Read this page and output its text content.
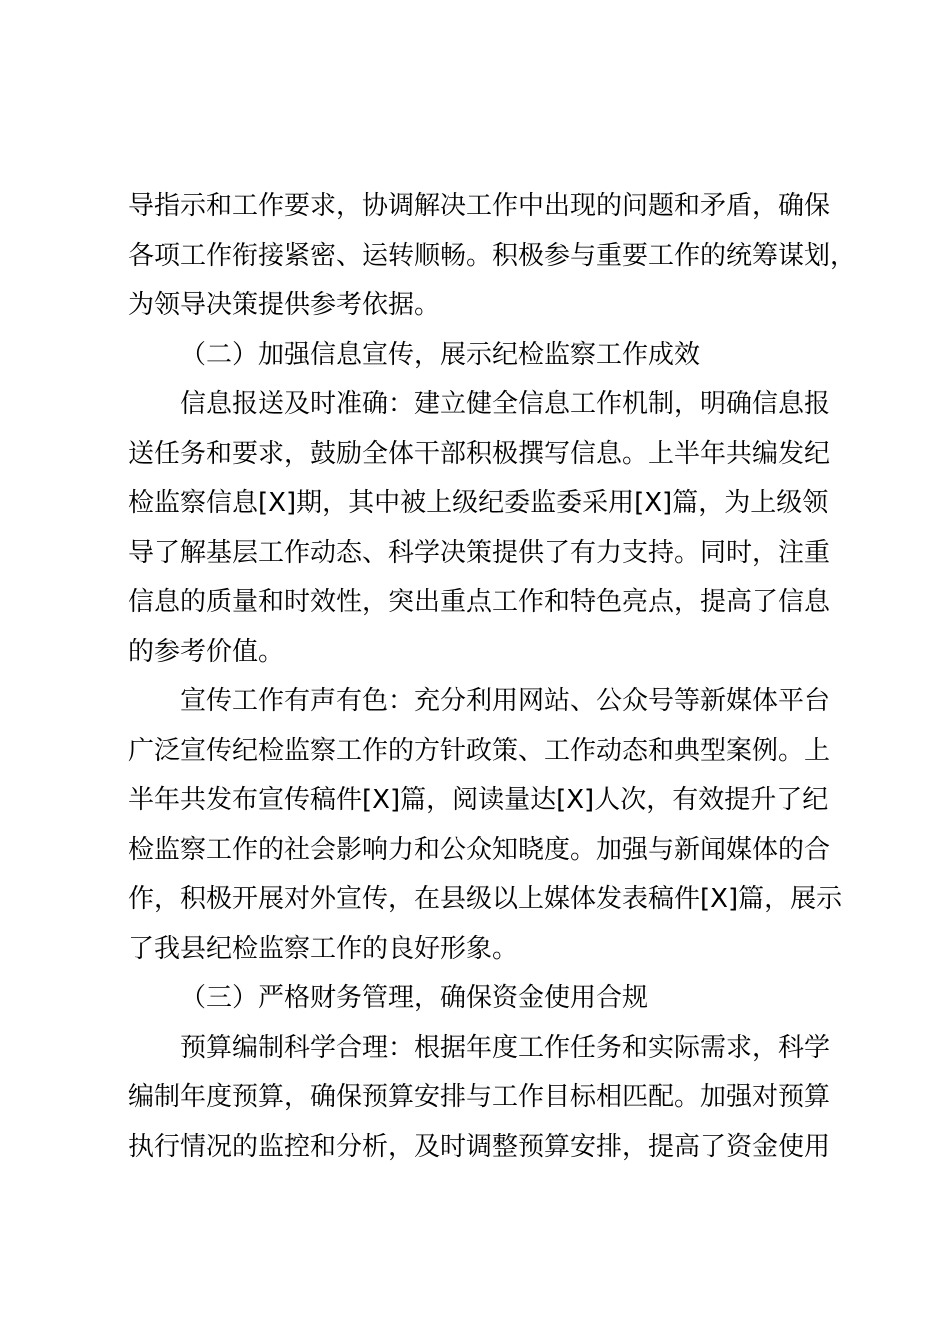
导指示和工作要求，协调解决工作中出现的问题和矛盾，确保
各项工作衔接紧密、运转顺畅。积极参与重要工作的统筹谋划，
为领导决策提供参考依据。
（二）加强信息宣传，展示纪检监察工作成效
信息报送及时准确：建立健全信息工作机制，明确信息报
送任务和要求，鼓励全体干部积极撰写信息。上半年共编发纪
检监察信息[X]期，其中被上级纪委监委采用[X]篇，为上级领
导了解基层工作动态、科学决策提供了有力支持。同时，注重
信息的质量和时效性，突出重点工作和特色亮点，提高了信息
的参考价值。
宣传工作有声有色：充分利用网站、公众号等新媒体平台
广泛宣传纪检监察工作的方针政策、工作动态和典型案例。上
半年共发布宣传稿件[X]篇，阅读量达[X]人次，有效提升了纪
检监察工作的社会影响力和公众知晓度。加强与新闻媒体的合
作，积极开展对外宣传，在县级以上媒体发表稿件[X]篇，展示
了我县纪检监察工作的良好形象。
（三）严格财务管理，确保资金使用合规
预算编制科学合理：根据年度工作任务和实际需求，科学
编制年度预算，确保预算安排与工作目标相匹配。加强对预算
执行情况的监控和分析，及时调整预算安排，提高了资金使用
